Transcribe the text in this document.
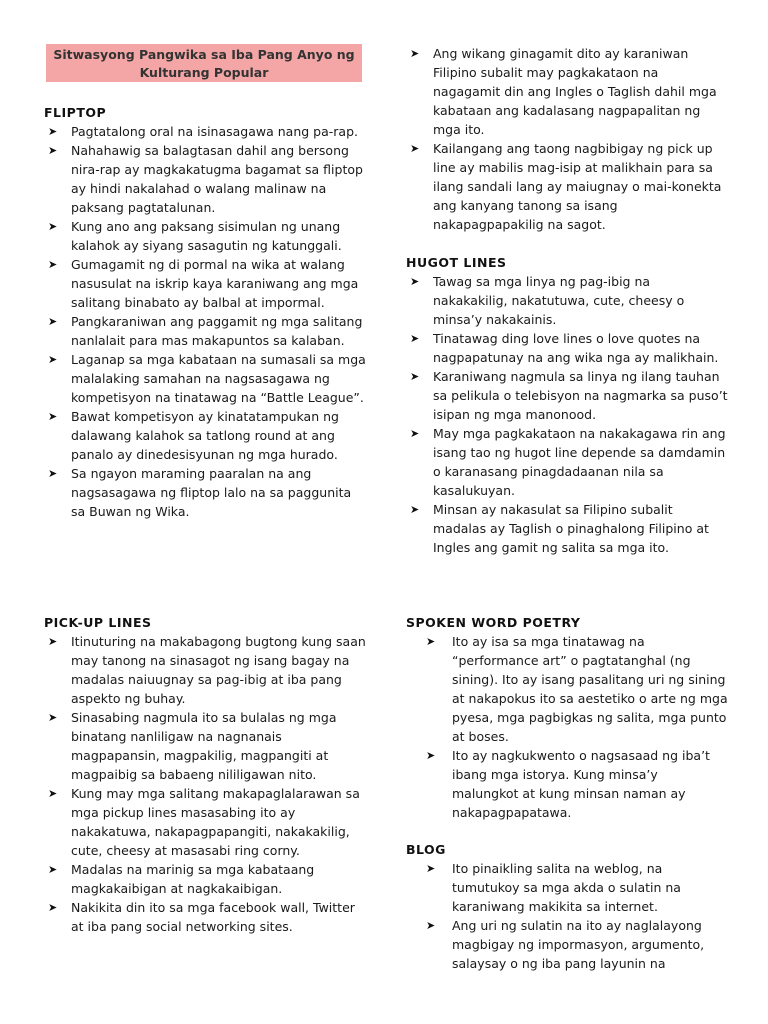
Sitwasyong Pangwika sa Iba Pang Anyo ng Kulturang Popular
FLIPTOP
➤ Pagtatalong oral na isinasagawa nang pa-rap.
➤ Nahahawig sa balagtasan dahil ang bersong nira-rap ay magkakatugma bagamat sa fliptop ay hindi nakalahad o walang malinaw na paksang pagtatalunan.
➤ Kung ano ang paksang sisimulan ng unang kalahok ay siyang sasagutin ng katunggali.
➤ Gumagamit ng di pormal na wika at walang nasusulat na iskrip kaya karaniwang ang mga salitang binabato ay balbal at impormal.
➤ Pangkaraniwan ang paggamit ng mga salitang nanlalait para mas makapuntos sa kalaban.
➤ Laganap sa mga kabataan na sumasali sa mga malalaking samahan na nagsasagawa ng kompetisyon na tinatawag na “Battle League”.
➤ Bawat kompetisyon ay kinatatampukan ng dalawang kalahok sa tatlong round at ang panalo ay dinedesisyunan ng mga hurado.
➤ Sa ngayon maraming paaralan na ang nagsasagawa ng fliptop lalo na sa paggunita sa Buwan ng Wika.
PICK-UP LINES
➤ Itinuturing na makabagong bugtong kung saan may tanong na sinasagot ng isang bagay na madalas naiuugnay sa pag-ibig at iba pang aspekto ng buhay.
➤ Sinasabing nagmula ito sa bulalas ng mga binatang nanliligaw na nagnanais magpapansin, magpakilig, magpangiti at magpaibig sa babaeng nililigawan nito.
➤ Kung may mga salitang makapaglalarawan sa mga pickup lines masasabing ito ay nakakatuwa, nakapagpapangiti, nakakakilig, cute, cheesy at masasabi ring corny.
➤ Madalas na marinig sa mga kabataang magkakaibigan at nagkakaibigan.
➤ Nakikita din ito sa mga facebook wall, Twitter at iba pang social networking sites.
➤ Ang wikang ginagamit dito ay karaniwan Filipino subalit may pagkakataon na nagagamit din ang Ingles o Taglish dahil mga kabataan ang kadalasang nagpapalitan ng mga ito.
➤ Kailangang ang taong nagbibigay ng pick up line ay mabilis mag-isip at malikhain para sa ilang sandali lang ay maiugnay o mai-konekta ang kanyang tanong sa isang nakapagpapakilig na sagot.
HUGOT LINES
➤ Tawag sa mga linya ng pag-ibig na nakakakilig, nakatutuwa, cute, cheesy o minsa’y nakakainis.
➤ Tinatawag ding love lines o love quotes na nagpapatunay na ang wika nga ay malikhain.
➤ Karaniwang nagmula sa linya ng ilang tauhan sa pelikula o telebisyon na nagmarka sa puso’t isipan ng mga manonood.
➤ May mga pagkakataon na nakakagawa rin ang isang tao ng hugot line depende sa damdamin o karanasang pinagdadaanan nila sa kasalukuyan.
➤ Minsan ay nakasulat sa Filipino subalit madalas ay Taglish o pinaghalong Filipino at Ingles ang gamit ng salita sa mga ito.
SPOKEN WORD POETRY
➤ Ito ay isa sa mga tinatawag na “performance art” o pagtatanghal (ng sining). Ito ay isang pasalitang uri ng sining at nakapokus ito sa aestetiko o arte ng mga pyesa, mga pagbigkas ng salita, mga punto at boses.
➤ Ito ay nagkukwento o nagsasaad ng iba’t ibang mga istorya. Kung minsa’y malungkot at kung minsan naman ay nakapagpapatawa.
BLOG
➤ Ito pinaikling salita na weblog, na tumutukoy sa mga akda o sulatin na karaniwang makikita sa internet.
➤ Ang uri ng sulatin na ito ay naglalayong magbigay ng impormasyon, argumento, salaysay o ng iba pang layunin na
